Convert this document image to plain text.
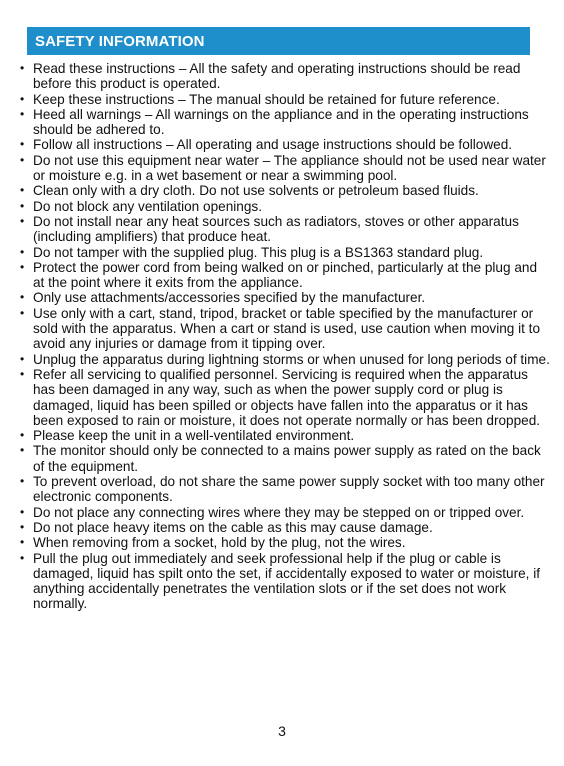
SAFETY INFORMATION
• Read these instructions – All the safety and operating instructions should be read before this product is operated.
• Keep these instructions – The manual should be retained for future reference.
• Heed all warnings – All warnings on the appliance and in the operating instructions should be adhered to.
• Follow all instructions – All operating and usage instructions should be followed.
• Do not use this equipment near water – The appliance should not be used near water or moisture e.g. in a wet basement or near a swimming pool.
• Clean only with a dry cloth. Do not use solvents or petroleum based fluids.
• Do not block any ventilation openings.
• Do not install near any heat sources such as radiators, stoves or other apparatus (including amplifiers) that produce heat.
• Do not tamper with the supplied plug. This plug is a BS1363 standard plug.
• Protect the power cord from being walked on or pinched, particularly at the plug and at the point where it exits from the appliance.
• Only use attachments/accessories specified by the manufacturer.
• Use only with a cart, stand, tripod, bracket or table specified by the manufacturer or sold with the apparatus. When a cart or stand is used, use caution when moving it to avoid any injuries or damage from it tipping over.
• Unplug the apparatus during lightning storms or when unused for long periods of time.
• Refer all servicing to qualified personnel. Servicing is required when the apparatus has been damaged in any way, such as when the power supply cord or plug is damaged, liquid has been spilled or objects have fallen into the apparatus or it has been exposed to rain or moisture, it does not operate normally or has been dropped.
• Please keep the unit in a well-ventilated environment.
• The monitor should only be connected to a mains power supply as rated on the back of the equipment.
• To prevent overload, do not share the same power supply socket with too many other electronic components.
• Do not place any connecting wires where they may be stepped on or tripped over.
• Do not place heavy items on the cable as this may cause damage.
• When removing from a socket, hold by the plug, not the wires.
• Pull the plug out immediately and seek professional help if the plug or cable is damaged, liquid has spilt onto the set, if accidentally exposed to water or moisture, if anything accidentally penetrates the ventilation slots or if the set does not work normally.
3
